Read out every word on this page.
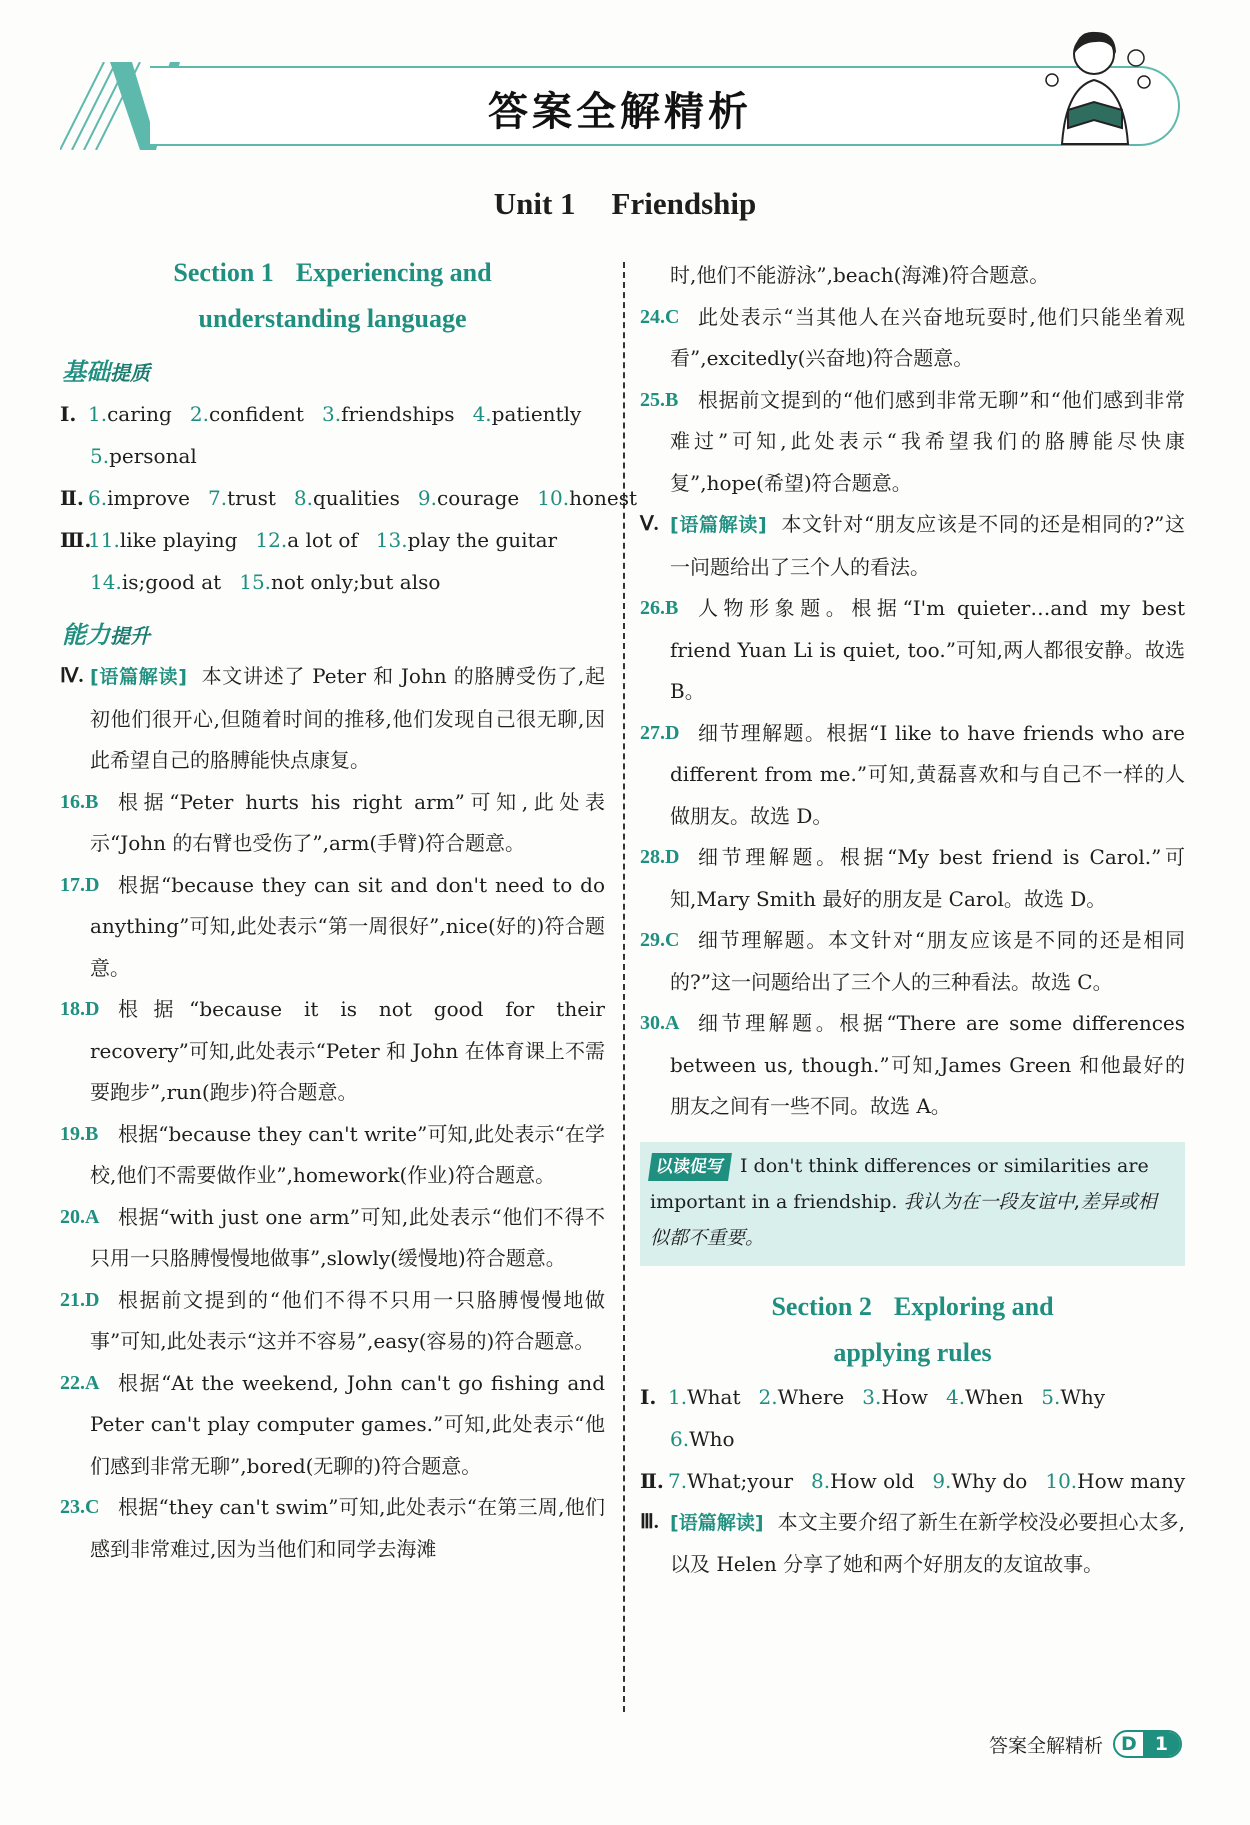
答案全解精析
Unit 1 Friendship
Section 1 Experiencing and
understanding language
基础提质
Ⅰ. 1.caring 2.confident 3.friendships 4.patiently
5.personal
Ⅱ. 6.improve 7.trust 8.qualities 9.courage 10.honest
Ⅲ.11.like playing 12.a lot of 13.play the guitar
14.is;good at 15.not only;but also
能力提升
Ⅳ. [语篇解读] 本文讲述了 Peter 和 John 的胳膊受伤了,起初他们很开心,但随着时间的推移,他们发现自己很无聊,因此希望自己的胳膊能快点康复。
16.B 根据“Peter hurts his right arm”可知,此处表示“John 的右臂也受伤了”,arm(手臂)符合题意。
17.D 根据“because they can sit and don't need to do anything”可知,此处表示“第一周很好”,nice(好的)符合题意。
18.D 根据“because it is not good for their recovery”可知,此处表示“Peter 和 John 在体育课上不需要跑步”,run(跑步)符合题意。
19.B 根据“because they can't write”可知,此处表示“在学校,他们不需要做作业”,homework(作业)符合题意。
20.A 根据“with just one arm”可知,此处表示“他们不得不只用一只胳膊慢慢地做事”,slowly(缓慢地)符合题意。
21.D 根据前文提到的“他们不得不只用一只胳膊慢慢地做事”可知,此处表示“这并不容易”,easy(容易的)符合题意。
22.A 根据“At the weekend, John can't go fishing and Peter can't play computer games.”可知,此处表示“他们感到非常无聊”,bored(无聊的)符合题意。
23.C 根据“they can't swim”可知,此处表示“在第三周,他们感到非常难过,因为当他们和同学去海滩
时,他们不能游泳”,beach(海滩)符合题意。
24.C 此处表示“当其他人在兴奋地玩耍时,他们只能坐着观看”,excitedly(兴奋地)符合题意。
25.B 根据前文提到的“他们感到非常无聊”和“他们感到非常难过”可知,此处表示“我希望我们的胳膊能尽快康复”,hope(希望)符合题意。
Ⅴ. [语篇解读] 本文针对“朋友应该是不同的还是相同的?”这一问题给出了三个人的看法。
26.B 人物形象题。根据“I'm quieter…and my best friend Yuan Li is quiet, too.”可知,两人都很安静。故选 B。
27.D 细节理解题。根据“I like to have friends who are different from me.”可知,黄磊喜欢和与自己不一样的人做朋友。故选 D。
28.D 细节理解题。根据“My best friend is Carol.”可知,Mary Smith 最好的朋友是 Carol。故选 D。
29.C 细节理解题。本文针对“朋友应该是不同的还是相同的?”这一问题给出了三个人的三种看法。故选 C。
30.A 细节理解题。根据“There are some differences between us, though.”可知,James Green 和他最好的朋友之间有一些不同。故选 A。
以读促写 I don't think differences or similarities are important in a friendship. 我认为在一段友谊中,差异或相似都不重要。
Section 2 Exploring and
applying rules
Ⅰ. 1.What 2.Where 3.How 4.When 5.Why
6.Who
Ⅱ. 7.What;your 8.How old 9.Why do 10.How many
Ⅲ. [语篇解读] 本文主要介绍了新生在新学校没必要担心太多,以及 Helen 分享了她和两个好朋友的友谊故事。
答案全解精析 D 1
